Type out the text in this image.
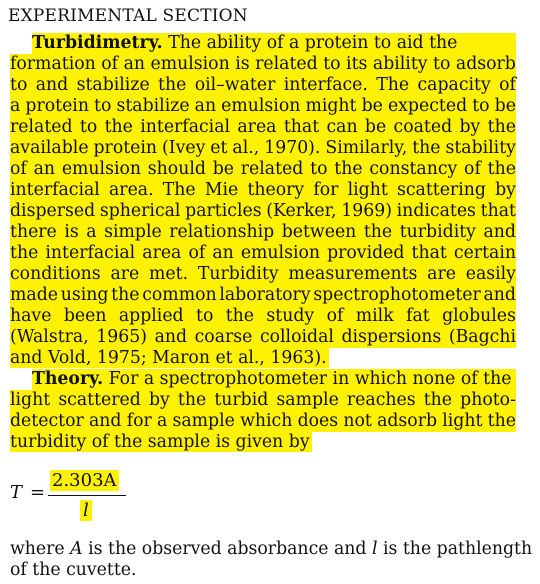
EXPERIMENTAL SECTION
Turbidimetry. The ability of a protein to aid the
formation of an emulsion is related to its ability to adsorb
to and stabilize the oil–water interface. The capacity of
a protein to stabilize an emulsion might be expected to be
related to the interfacial area that can be coated by the
available protein (Ivey et al., 1970). Similarly, the stability
of an emulsion should be related to the constancy of the
interfacial area. The Mie theory for light scattering by
dispersed spherical particles (Kerker, 1969) indicates that
there is a simple relationship between the turbidity and
the interfacial area of an emulsion provided that certain
conditions are met. Turbidity measurements are easily
made using the common laboratory spectrophotometer and
have been applied to the study of milk fat globules
(Walstra, 1965) and coarse colloidal dispersions (Bagchi
and Vold, 1975; Maron et al., 1963).
Theory. For a spectrophotometer in which none of the
light scattered by the turbid sample reaches the photo-
detector and for a sample which does not adsorb light the
turbidity of the sample is given by
T =
2.303A
l
where A is the observed absorbance and l is the pathlength
of the cuvette.
